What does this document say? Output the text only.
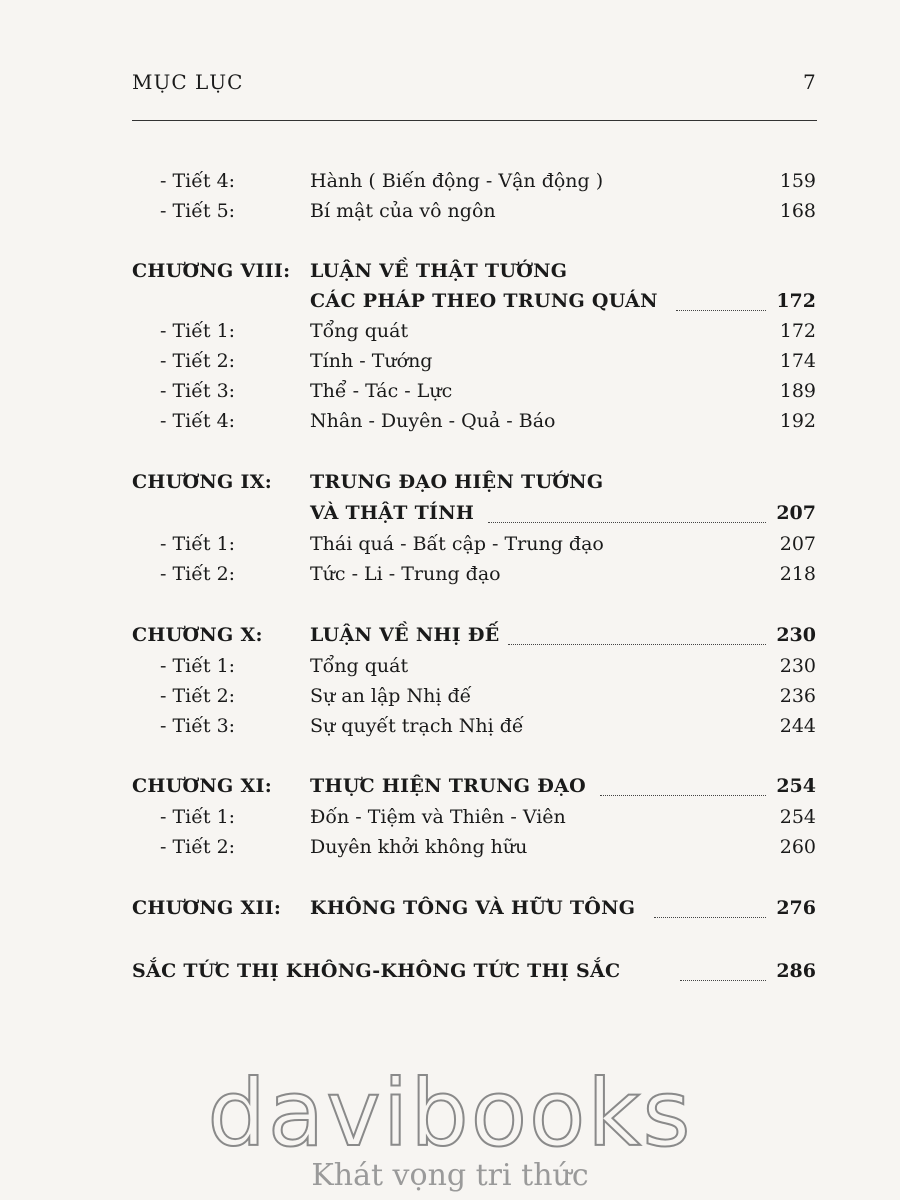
MỤC LỤC	7
- Tiết 4:	Hành ( Biến động - Vận động )	159
- Tiết 5:	Bí mật của vô ngôn	168
CHƯƠNG VIII: LUẬN VỀ THẬT TƯỚNG
CÁC PHÁP THEO TRUNG QUÁN	172
- Tiết 1:	Tổng quát	172
- Tiết 2:	Tính - Tướng	174
- Tiết 3:	Thể - Tác - Lực	189
- Tiết 4:	Nhân - Duyên - Quả - Báo	192
CHƯƠNG IX: TRUNG ĐẠO HIỆN TƯỚNG
VÀ THẬT TÍNH	207
- Tiết 1:	Thái quá - Bất cập - Trung đạo	207
- Tiết 2:	Tức - Li - Trung đạo	218
CHƯƠNG X: LUẬN VỀ NHỊ ĐẾ	230
- Tiết 1:	Tổng quát	230
- Tiết 2:	Sự an lập Nhị đế	236
- Tiết 3:	Sự quyết trạch Nhị đế	244
CHƯƠNG XI: THỰC HIỆN TRUNG ĐẠO	254
- Tiết 1:	Đốn - Tiệm và Thiên - Viên	254
- Tiết 2:	Duyên khởi không hữu	260
CHƯƠNG XII: KHÔNG TÔNG VÀ HỮU TÔNG	276
SẮC TỨC THỊ KHÔNG-KHÔNG TỨC THỊ SẮC	286
davibooks
Khát vọng tri thức
